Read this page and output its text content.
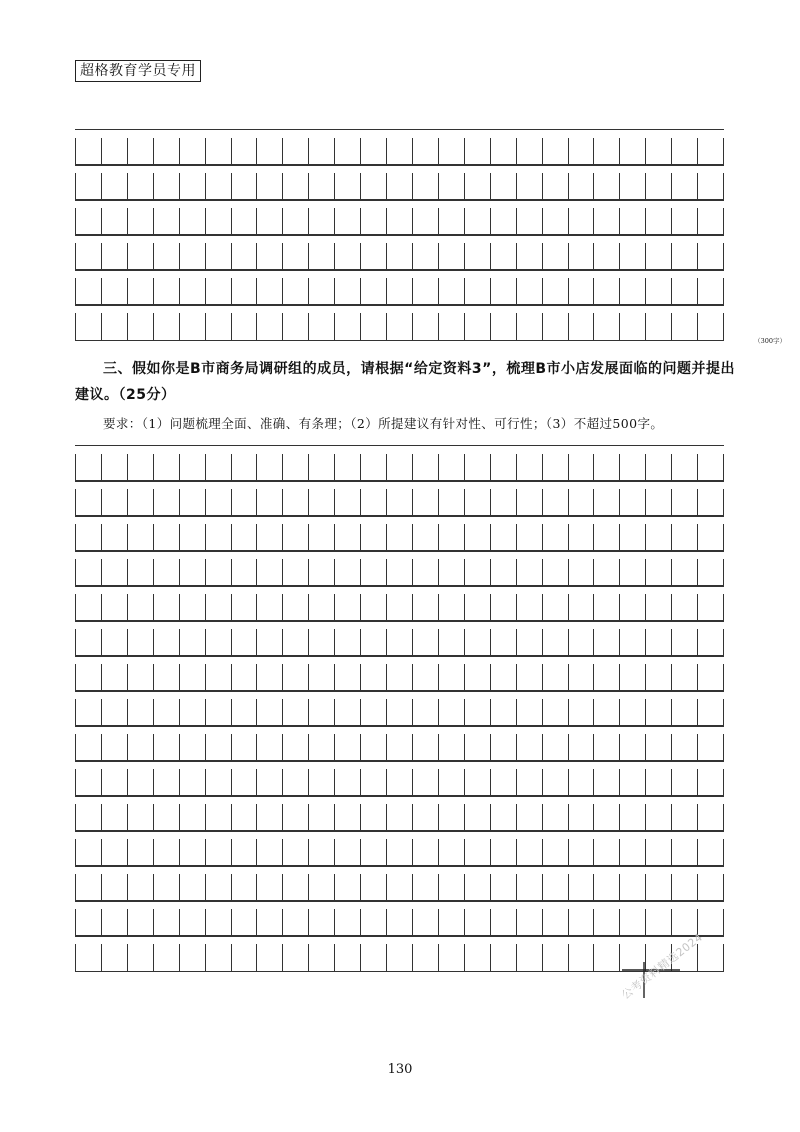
超格教育学员专用
（300字）
三、假如你是B市商务局调研组的成员，请根据“给定资料3”，梳理B市小店发展面临的问题并提出建议。（25分）
要求：（1）问题梳理全面、准确、有条理；（2）所提建议有针对性、可行性；（3）不超过500字。
公考资料精选2024
130
